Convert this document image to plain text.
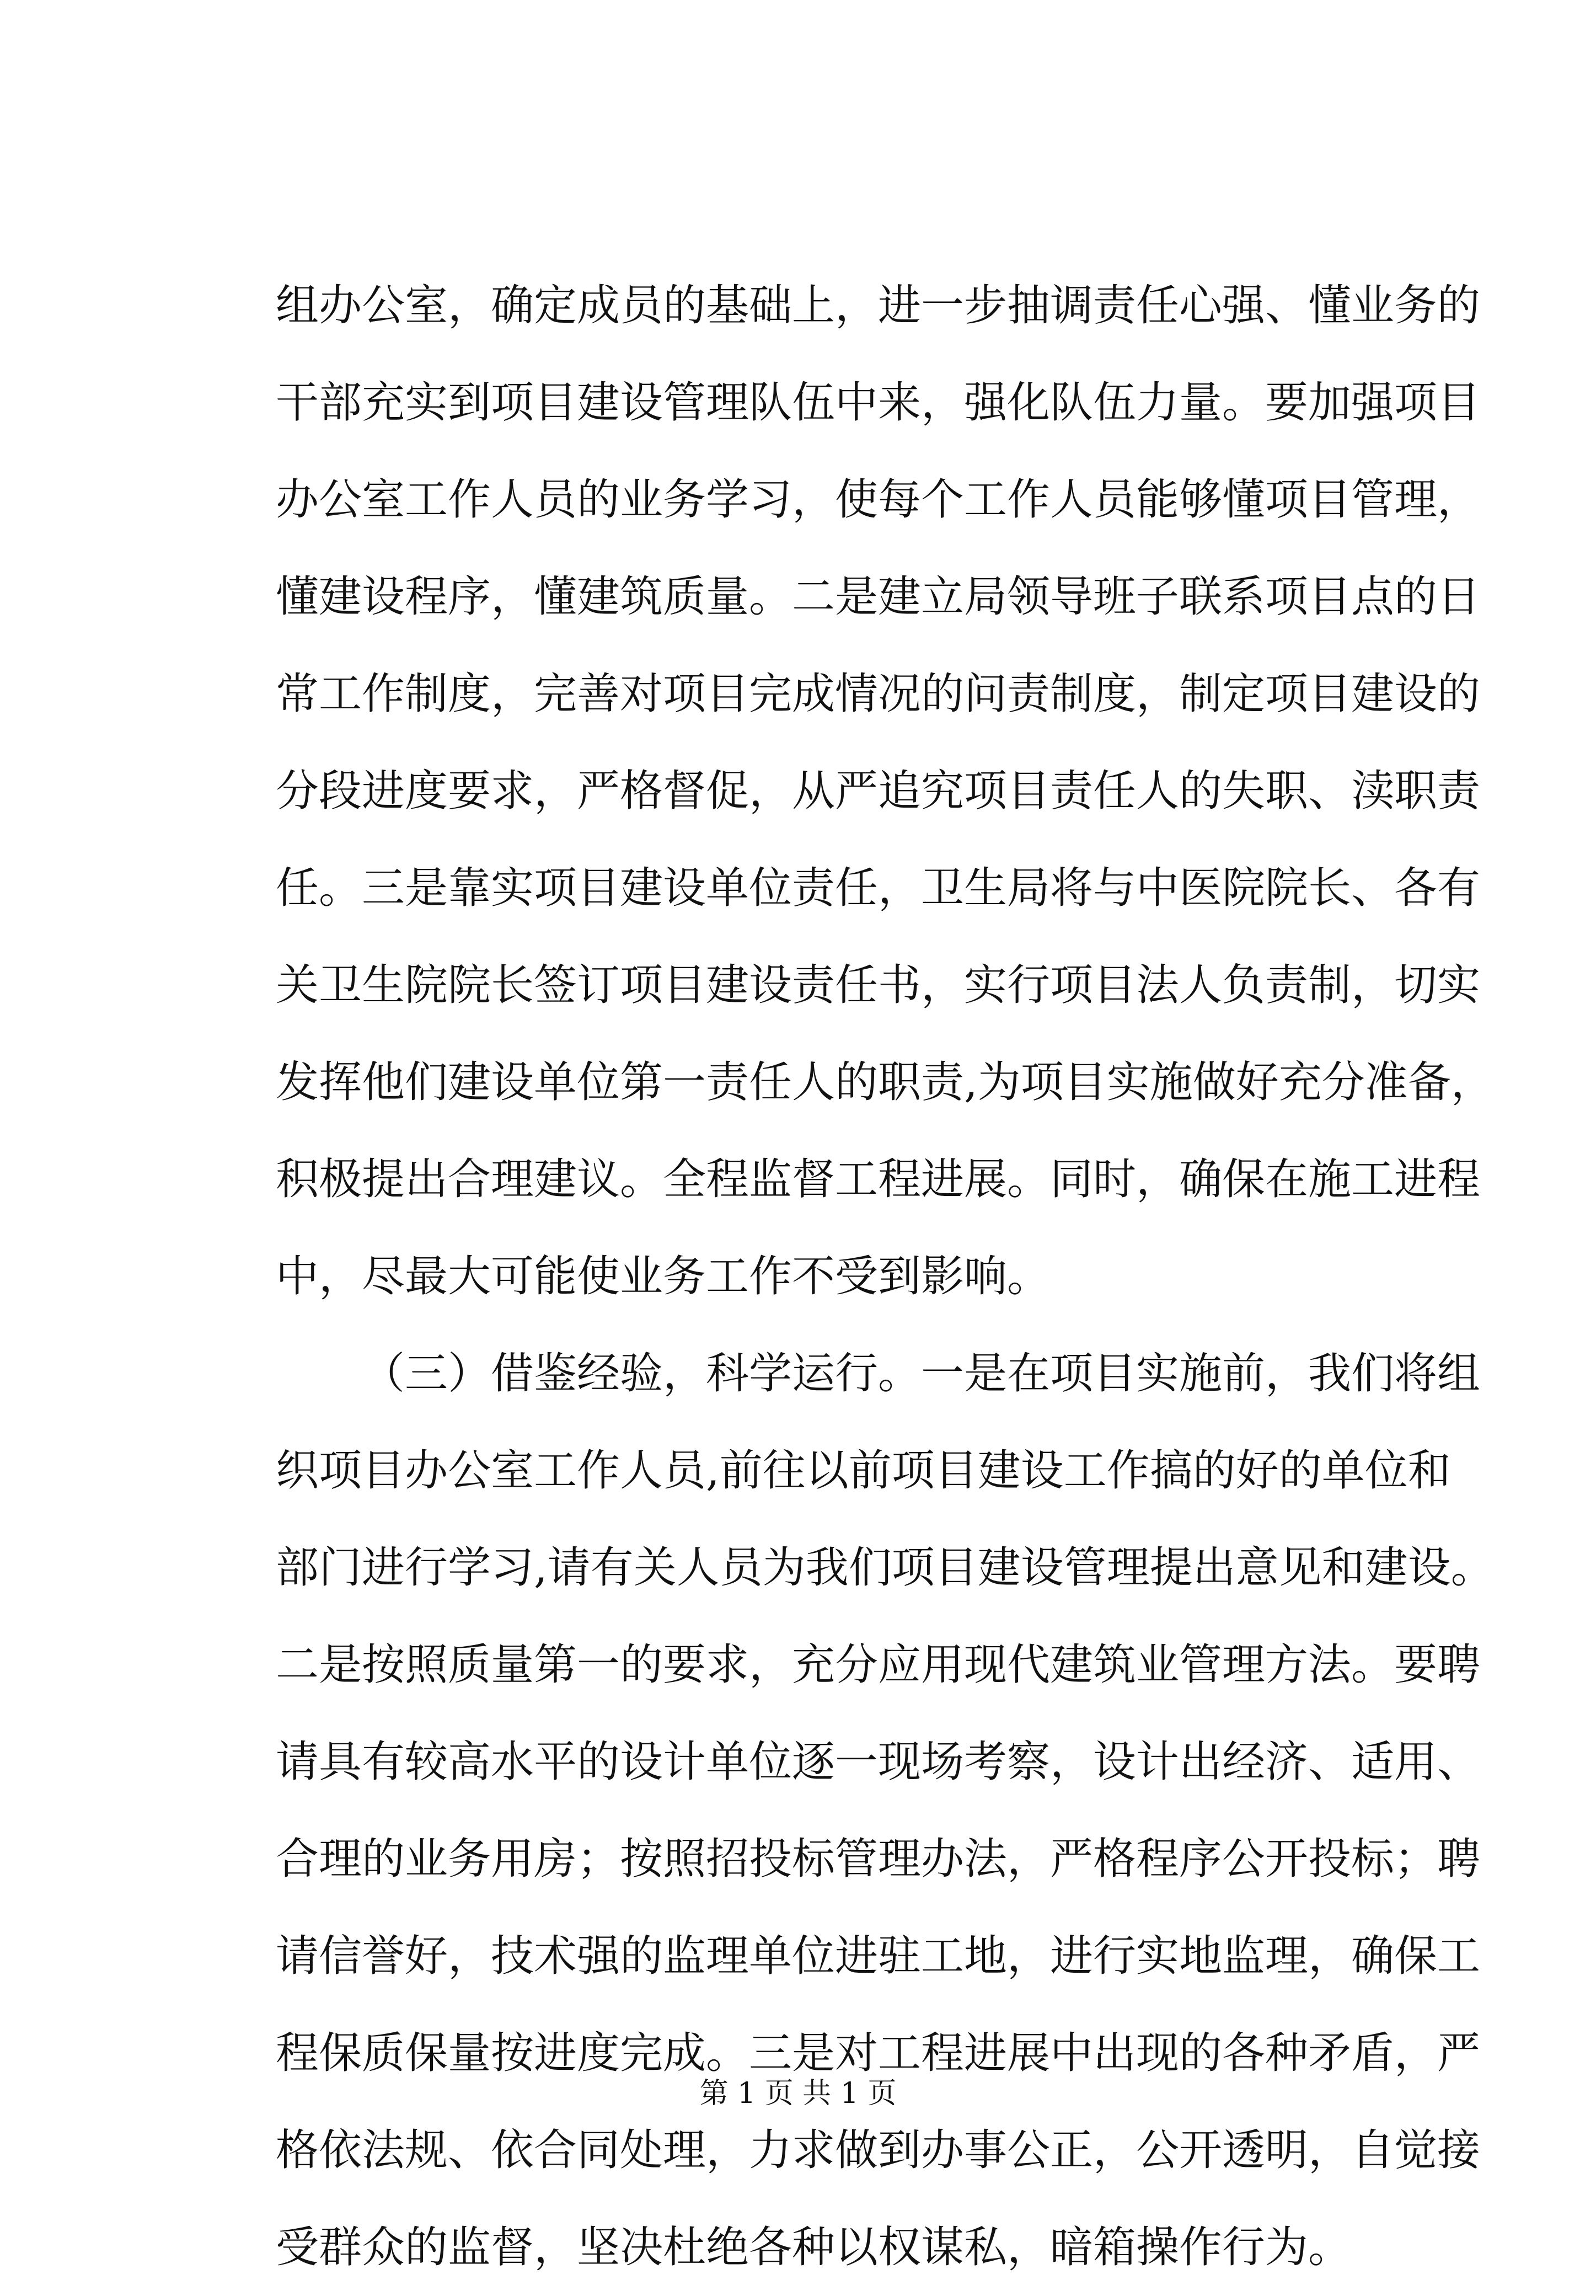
组办公室，确定成员的基础上，进一步抽调责任心强、懂业务的
干部充实到项目建设管理队伍中来，强化队伍力量。要加强项目
办公室工作人员的业务学习，使每个工作人员能够懂项目管理，
懂建设程序，懂建筑质量。二是建立局领导班子联系项目点的日
常工作制度，完善对项目完成情况的问责制度，制定项目建设的
分段进度要求，严格督促，从严追究项目责任人的失职、渎职责
任。三是靠实项目建设单位责任，卫生局将与中医院院长、各有
关卫生院院长签订项目建设责任书，实行项目法人负责制，切实
发挥他们建设单位第一责任人的职责,为项目实施做好充分准备，
积极提出合理建议。全程监督工程进展。同时，确保在施工进程
中，尽最大可能使业务工作不受到影响。
（三）借鉴经验，科学运行。一是在项目实施前，我们将组
织项目办公室工作人员,前往以前项目建设工作搞的好的单位和
部门进行学习,请有关人员为我们项目建设管理提出意见和建设。
二是按照质量第一的要求，充分应用现代建筑业管理方法。要聘
请具有较高水平的设计单位逐一现场考察，设计出经济、适用、
合理的业务用房；按照招投标管理办法，严格程序公开投标；聘
请信誉好，技术强的监理单位进驻工地，进行实地监理，确保工
程保质保量按进度完成。三是对工程进展中出现的各种矛盾，严
格依法规、依合同处理，力求做到办事公正，公开透明，自觉接
受群众的监督，坚决杜绝各种以权谋私，暗箱操作行为。
第 1 页 共 1 页
